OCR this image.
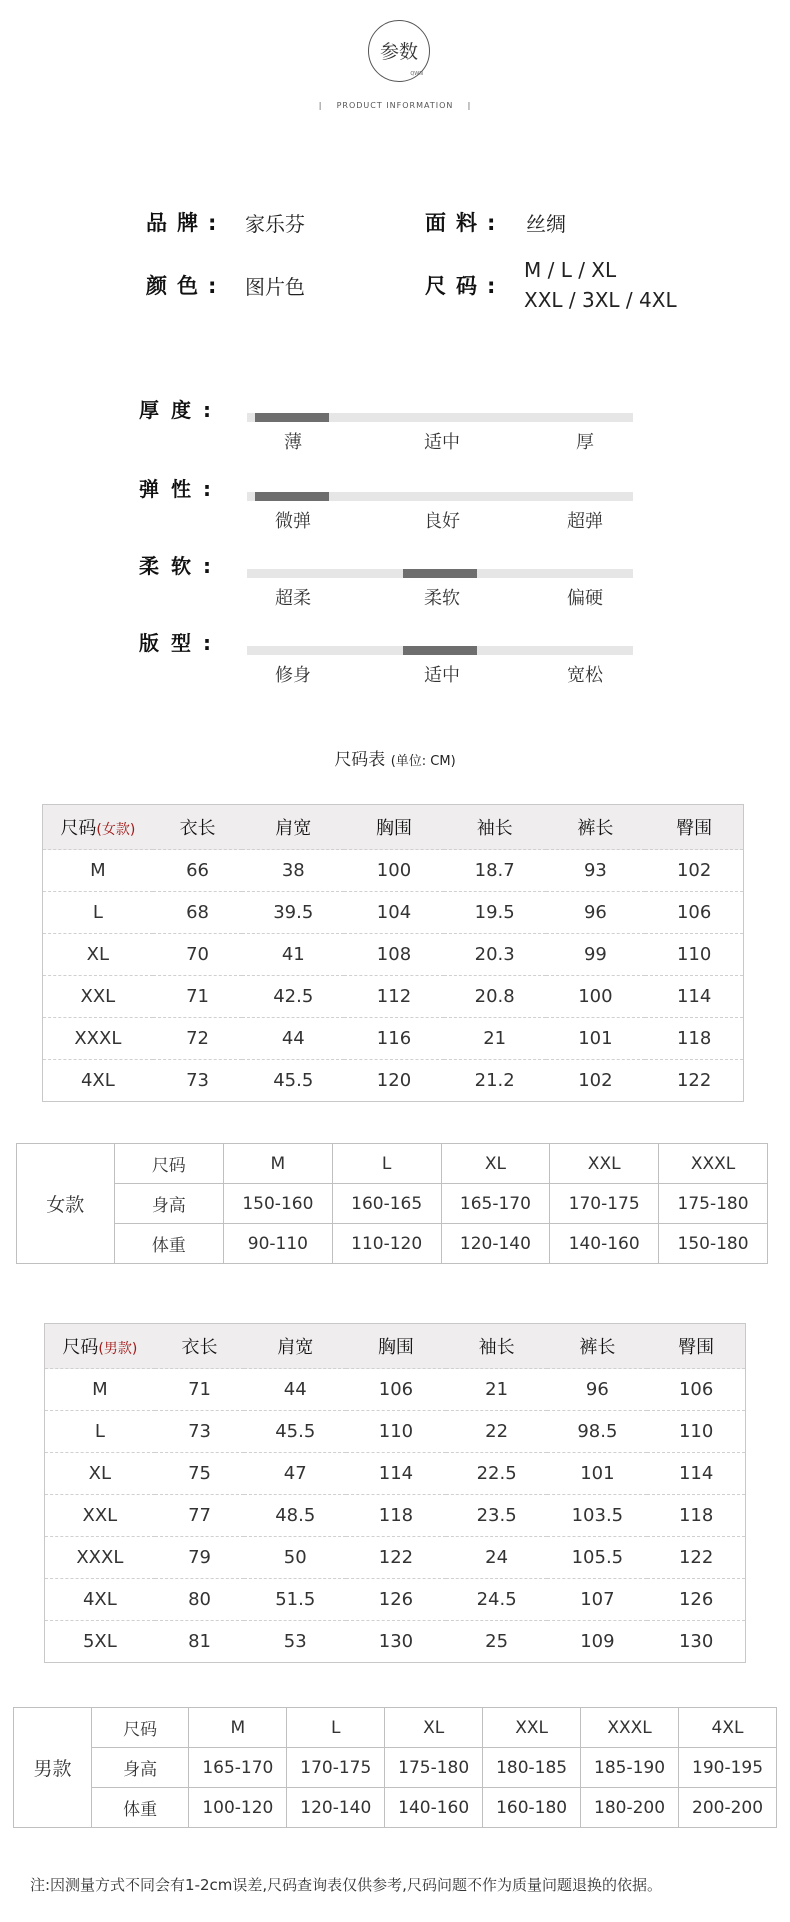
参数
QWN
|    PRODUCT INFORMATION    |
品牌: 家乐芬	面料: 丝绸
颜色: 图片色	尺码:
M / L / XL
XXL / 3XL / 4XL
厚度:
薄	适中	厚
弹性:
微弹	良好	超弹
柔软:
超柔	柔软	偏硬
版型:
修身	适中	宽松
尺码表 (单位: CM)
尺码(女款)	衣长	肩宽	胸围	袖长	裤长	臀围
M	66	38	100	18.7	93	102
L	68	39.5	104	19.5	96	106
XL	70	41	108	20.3	99	110
XXL	71	42.5	112	20.8	100	114
XXXL	72	44	116	21	101	118
4XL	73	45.5	120	21.2	102	122
女款	尺码	M	L	XL	XXL	XXXL
	身高	150-160	160-165	165-170	170-175	175-180
	体重	90-110	110-120	120-140	140-160	150-180
尺码(男款)	衣长	肩宽	胸围	袖长	裤长	臀围
M	71	44	106	21	96	106
L	73	45.5	110	22	98.5	110
XL	75	47	114	22.5	101	114
XXL	77	48.5	118	23.5	103.5	118
XXXL	79	50	122	24	105.5	122
4XL	80	51.5	126	24.5	107	126
5XL	81	53	130	25	109	130
男款	尺码	M	L	XL	XXL	XXXL	4XL
	身高	165-170	170-175	175-180	180-185	185-190	190-195
	体重	100-120	120-140	140-160	160-180	180-200	200-200
注:因测量方式不同会有1-2cm误差,尺码查询表仅供参考,尺码问题不作为质量问题退换的依据。
